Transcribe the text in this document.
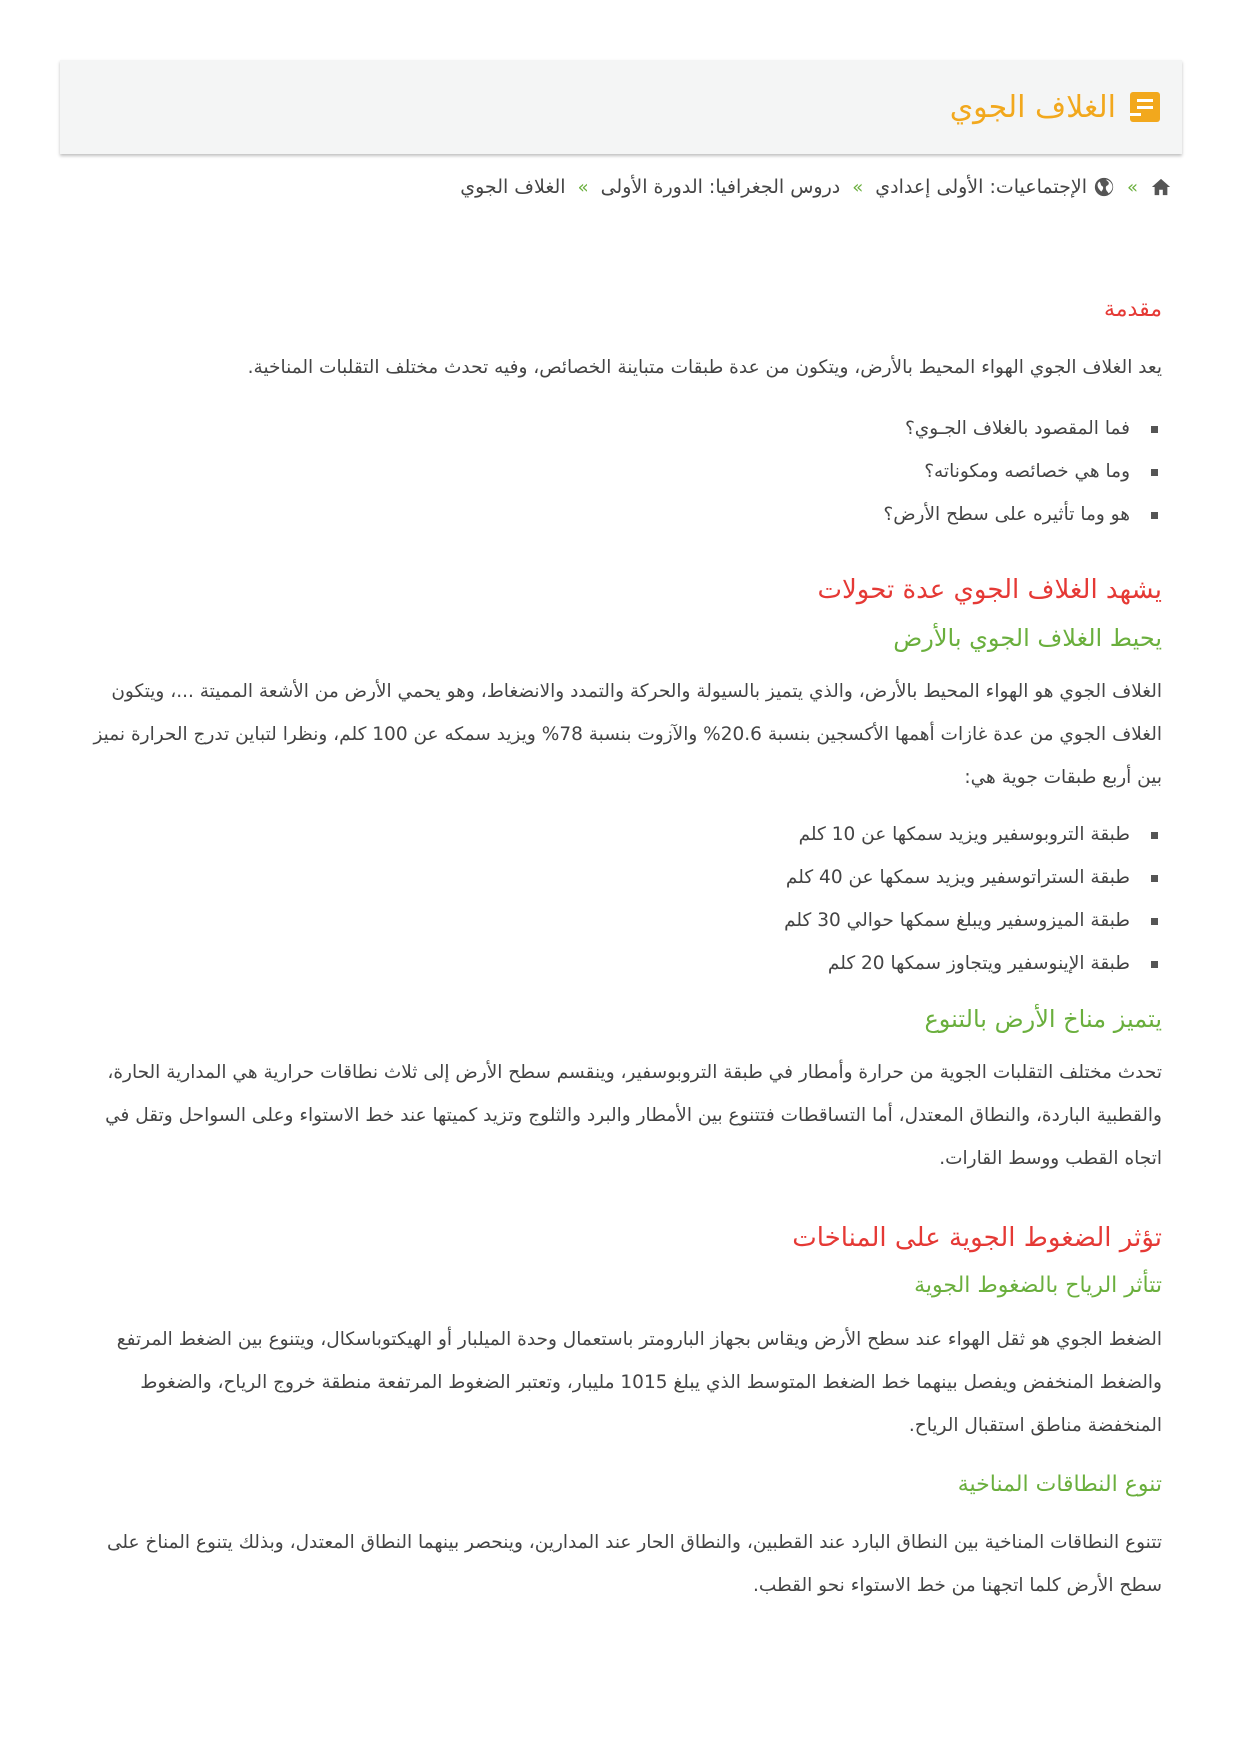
الغلاف الجوي
»
الإجتماعيات: الأولى إعدادي
»
دروس الجغرافيا: الدورة الأولى
»
الغلاف الجوي
مقدمة

يعد الغلاف الجوي الهواء المحيط بالأرض، ويتكون من عدة طبقات متباينة الخصائص، وفيه تحدث مختلف التقلبات المناخية.

فما المقصود بالغلاف الجـوي؟
وما هي خصائصه ومكوناته؟
هو وما تأثيره على سطح الأرض؟
يشهد الغلاف الجوي عدة تحولات
يحيط الغلاف الجوي بالأرض

الغلاف الجوي هو الهواء المحيط بالأرض، والذي يتميز بالسيولة والحركة والتمدد والانضغاط، وهو يحمي الأرض من الأشعة المميتة ...، ويتكون الغلاف الجوي من عدة غازات أهمها الأكسجين بنسبة 20.6% والآزوت بنسبة 78% ويزيد سمكه عن 100 كلم، ونظرا لتباين تدرج الحرارة نميز بين أربع طبقات جوية هي:

طبقة التروبوسفير ويزيد سمكها عن 10 كلم
طبقة الستراتوسفير ويزيد سمكها عن 40 كلم
طبقة الميزوسفير ويبلغ سمكها حوالي 30 كلم
طبقة الإينوسفير ويتجاوز سمكها 20 كلم
يتميز مناخ الأرض بالتنوع

تحدث مختلف التقلبات الجوية من حرارة وأمطار في طبقة التروبوسفير، وينقسم سطح الأرض إلى ثلاث نطاقات حرارية هي المدارية الحارة، والقطبية الباردة، والنطاق المعتدل، أما التساقطات فتتنوع بين الأمطار والبرد والثلوج وتزيد كميتها عند خط الاستواء وعلى السواحل وتقل في اتجاه القطب ووسط القارات.

تؤثر الضغوط الجوية على المناخات
تتأثر الرياح بالضغوط الجوية

الضغط الجوي هو ثقل الهواء عند سطح الأرض ويقاس بجهاز البارومتر باستعمال وحدة الميلبار أو الهيكتوباسكال، ويتنوع بين الضغط المرتفع والضغط المنخفض ويفصل بينهما خط الضغط المتوسط الذي يبلغ 1015 مليبار، وتعتبر الضغوط المرتفعة منطقة خروج الرياح، والضغوط المنخفضة مناطق استقبال الرياح.

تنوع النطاقات المناخية

تتنوع النطاقات المناخية بين النطاق البارد عند القطبين، والنطاق الحار عند المدارين، وينحصر بينهما النطاق المعتدل، وبذلك يتنوع المناخ على سطح الأرض كلما اتجهنا من خط الاستواء نحو القطب.
